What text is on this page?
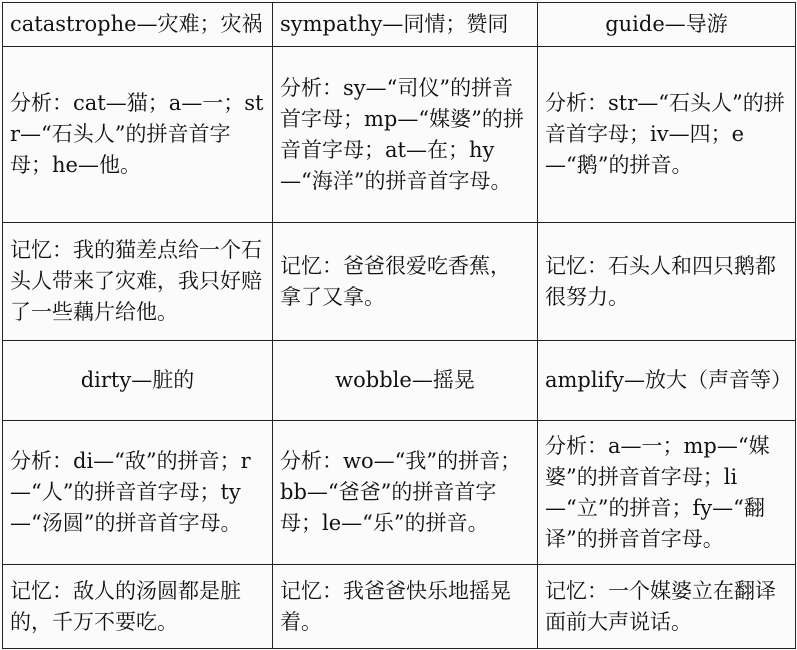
catastrophe—灾难；灾祸	sympathy—同情；赞同	guide—导游
分析：cat—猫；a—一；str—“石头人”的拼音首字母；he—他。	分析：sy—“司仪”的拼音首字母；mp—“媒婆”的拼音首字母；at—在；hy—“海洋”的拼音首字母。	分析：str—“石头人”的拼音首字母；iv—四；e—“鹅”的拼音。
记忆：我的猫差点给一个石头人带来了灾难，我只好赔了一些藕片给他。	记忆：爸爸很爱吃香蕉，拿了又拿。	记忆：石头人和四只鹅都很努力。
dirty—脏的	wobble—摇晃	amplify—放大（声音等）
分析：di—“敌”的拼音；r—“人”的拼音首字母；ty—“汤圆”的拼音首字母。	分析：wo—“我”的拼音；bb—“爸爸”的拼音首字母；le—“乐”的拼音。	分析：a—一；mp—“媒婆”的拼音首字母；li—“立”的拼音；fy—“翻译”的拼音首字母。
记忆：敌人的汤圆都是脏的，千万不要吃。	记忆：我爸爸快乐地摇晃着。	记忆：一个媒婆立在翻译面前大声说话。
